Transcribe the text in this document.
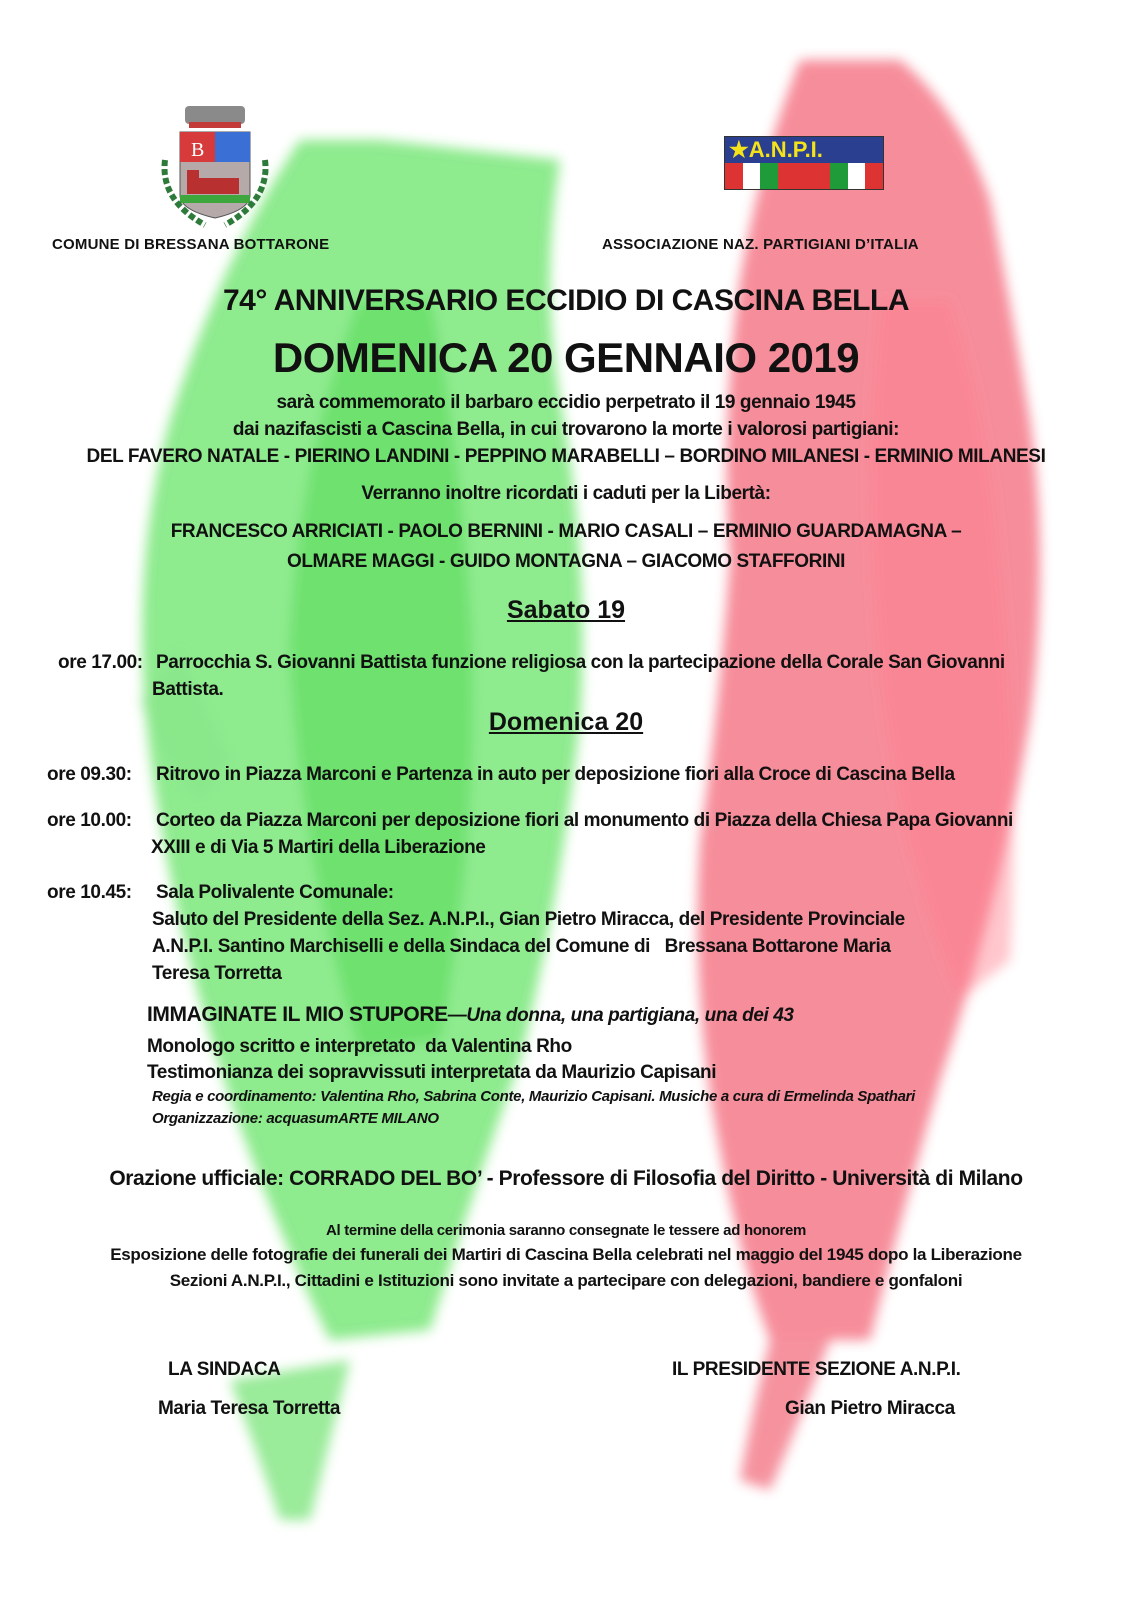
B	★A.N.P.I.
COMUNE DI BRESSANA BOTTARONE	ASSOCIAZIONE NAZ. PARTIGIANI D’ITALIA
74° ANNIVERSARIO ECCIDIO DI CASCINA BELLA
DOMENICA 20 GENNAIO 2019
sarà commemorato il barbaro eccidio perpetrato il 19 gennaio 1945
dai nazifascisti a Cascina Bella, in cui trovarono la morte i valorosi partigiani:
DEL FAVERO NATALE - PIERINO LANDINI - PEPPINO MARABELLI – BORDINO MILANESI - ERMINIO MILANESI
Verranno inoltre ricordati i caduti per la Libertà:
FRANCESCO ARRICIATI - PAOLO BERNINI - MARIO CASALI – ERMINIO GUARDAMAGNA –
OLMARE MAGGI - GUIDO MONTAGNA – GIACOMO STAFFORINI
Sabato 19
ore 17.00: Parrocchia S. Giovanni Battista funzione religiosa con la partecipazione della Corale San Giovanni
Battista.
Domenica 20
ore 09.30: Ritrovo in Piazza Marconi e Partenza in auto per deposizione fiori alla Croce di Cascina Bella
ore 10.00: Corteo da Piazza Marconi per deposizione fiori al monumento di Piazza della Chiesa Papa Giovanni
XXIII e di Via 5 Martiri della Liberazione
ore 10.45: Sala Polivalente Comunale:
Saluto del Presidente della Sez. A.N.P.I., Gian Pietro Miracca, del Presidente Provinciale
A.N.P.I. Santino Marchiselli e della Sindaca del Comune di   Bressana Bottarone Maria
Teresa Torretta
IMMAGINATE IL MIO STUPORE—Una donna, una partigiana, una dei 43
Monologo scritto e interpretato  da Valentina Rho
Testimonianza dei sopravvissuti interpretata da Maurizio Capisani
Regia e coordinamento: Valentina Rho, Sabrina Conte, Maurizio Capisani. Musiche a cura di Ermelinda Spathari
Organizzazione: acquasumARTE MILANO
Orazione ufficiale: CORRADO DEL BO’ - Professore di Filosofia del Diritto - Università di Milano
Al termine della cerimonia saranno consegnate le tessere ad honorem
Esposizione delle fotografie dei funerali dei Martiri di Cascina Bella celebrati nel maggio del 1945 dopo la Liberazione
Sezioni A.N.P.I., Cittadini e Istituzioni sono invitate a partecipare con delegazioni, bandiere e gonfaloni
LA SINDACA
Maria Teresa Torretta
IL PRESIDENTE SEZIONE A.N.P.I.
Gian Pietro Miracca
